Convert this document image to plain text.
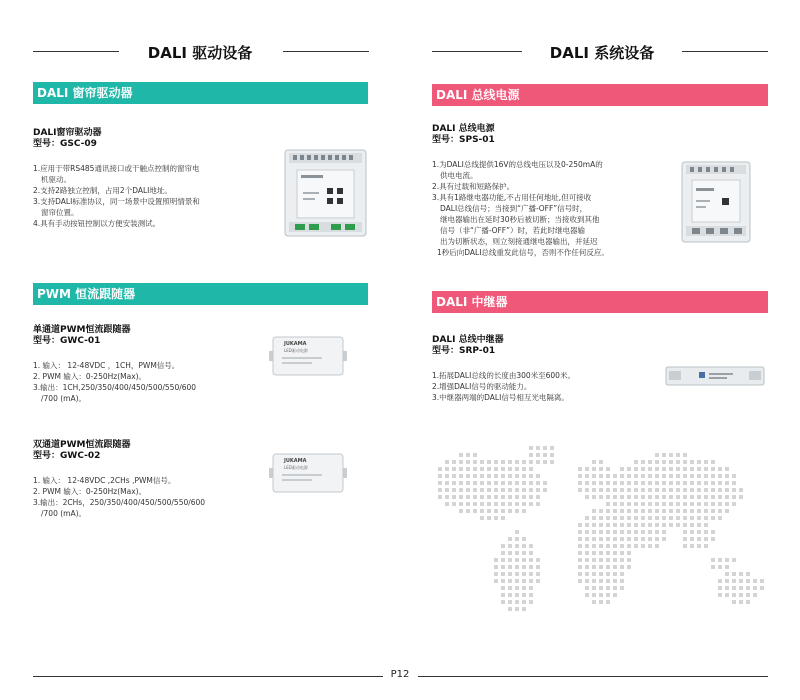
DALI 驱动设备
DALI 窗帘驱动器
DALI窗帘驱动器
型号：GSC-09
1.应用于带RS485通讯接口或干触点控制的窗帘电
机驱动。
2.支持2路独立控制，占用2个DALI地址。
3.支持DALI标准协议，同一场景中设置照明情景和
窗帘位置。
4.具有手动按钮控制以方便安装测试。
PWM 恒流跟随器
单通道PWM恒流跟随器
型号：GWC-01
1. 输入： 12-48VDC ，1CH，PWM信号。
2. PWM 输入：0-250Hz(Max)。
3.输出：1CH,250/350/400/450/500/550/600
/700 (mA)。
JUKAMA
LED驱动电源
双通道PWM恒流跟随器
型号：GWC-02
1. 输入： 12-48VDC ,2CHs ,PWM信号。
2. PWM 输入：0-250Hz(Max)。
3.输出：2CHs，250/350/400/450/500/550/600
/700 (mA)。
JUKAMA
LED驱动电源
DALI 系统设备
DALI 总线电源
DALI 总线电源
型号：SPS-01
1.为DALI总线提供16V的总线电压以及0-250mA的
供电电流。
2.具有过载和短路保护。
3.具有1路继电器功能,不占用任何地址,但可接收
DALI总线信号；当接到“广播-OFF”信号时，
继电器输出在延时30秒后被切断；当接收到其他
信号（非“广播-OFF”）时，若此时继电器输
出为切断状态，则立刻接通继电器输出，并延迟
1秒后向DALI总线重发此信号，否则不作任何反应。
DALI 中继器
DALI 总线中继器
型号：SRP-01
1.拓展DALI总线的长度由300米至600米。
2.增强DALI信号的驱动能力。
3.中继器两端的DALI信号相互光电隔离。
P12
